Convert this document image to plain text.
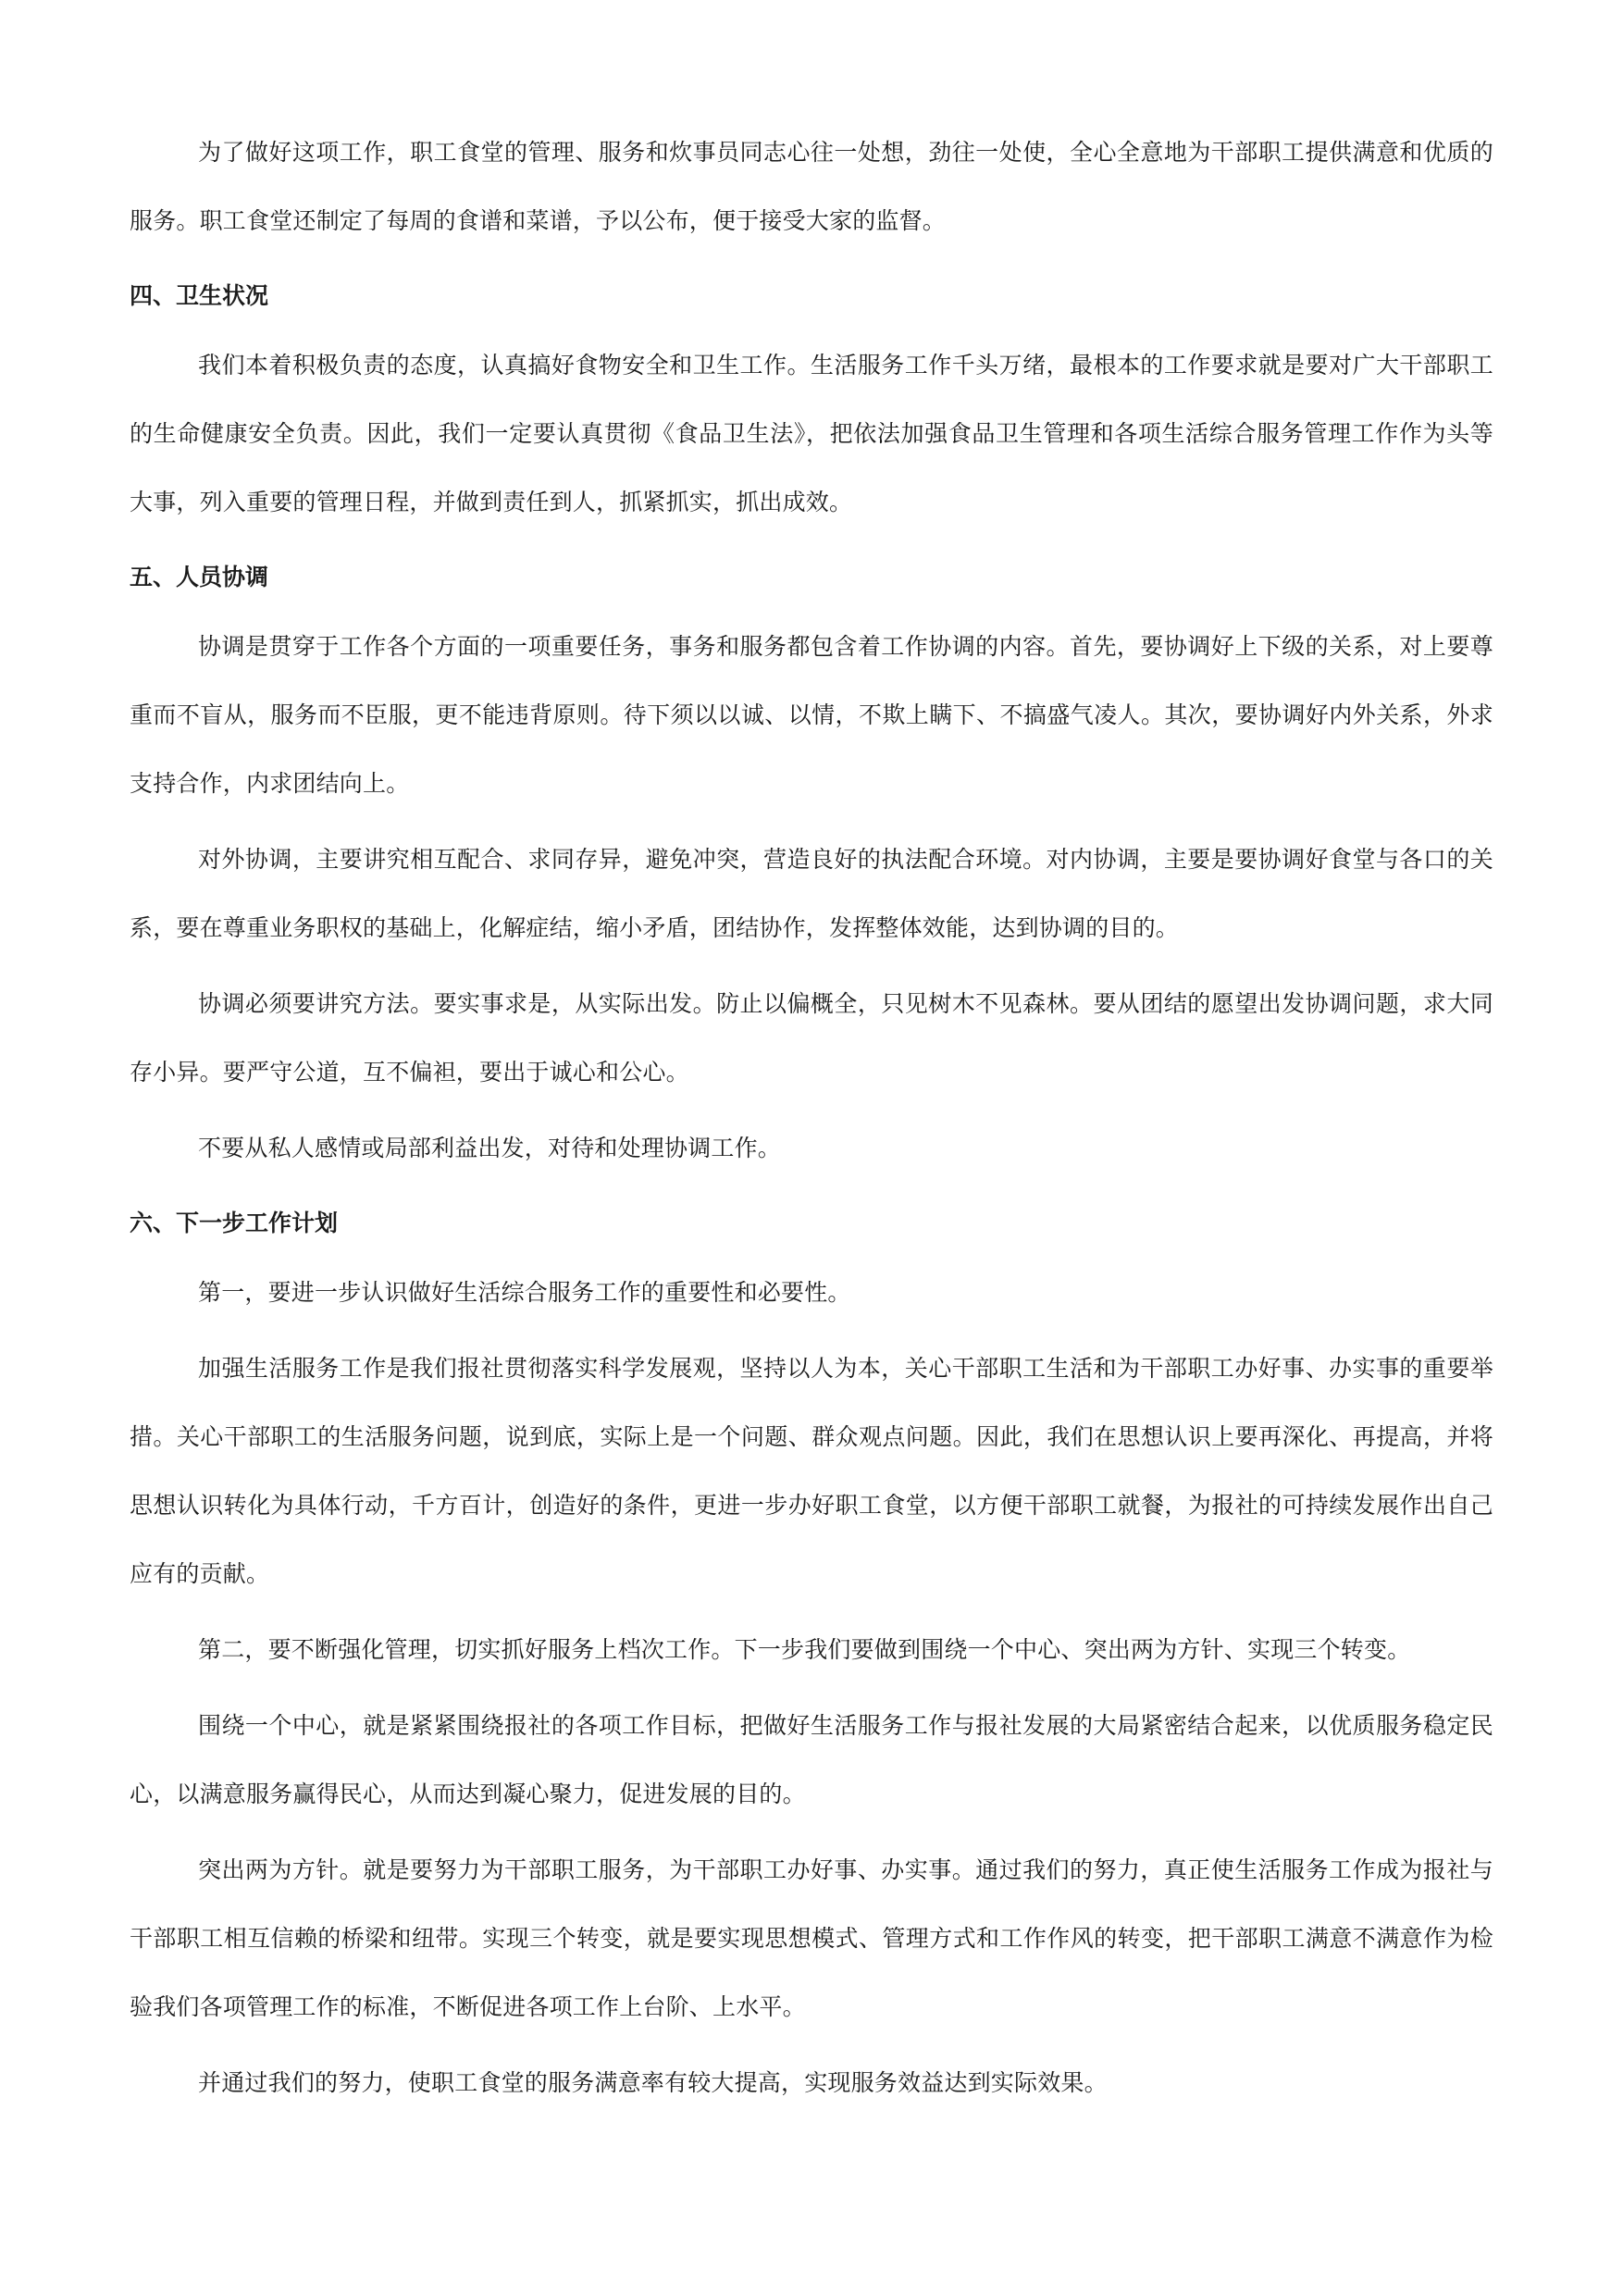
为了做好这项工作，职工食堂的管理、服务和炊事员同志心往一处想，劲往一处使，全心全意地为干部职工提供满意和优质的服务。职工食堂还制定了每周的食谱和菜谱，予以公布，便于接受大家的监督。

四、卫生状况

我们本着积极负责的态度，认真搞好食物安全和卫生工作。生活服务工作千头万绪，最根本的工作要求就是要对广大干部职工的生命健康安全负责。因此，我们一定要认真贯彻《食品卫生法》，把依法加强食品卫生管理和各项生活综合服务管理工作作为头等大事，列入重要的管理日程，并做到责任到人，抓紧抓实，抓出成效。

五、人员协调

协调是贯穿于工作各个方面的一项重要任务，事务和服务都包含着工作协调的内容。首先，要协调好上下级的关系，对上要尊重而不盲从，服务而不臣服，更不能违背原则。待下须以以诚、以情，不欺上瞒下、不搞盛气凌人。其次，要协调好内外关系，外求支持合作，内求团结向上。

对外协调，主要讲究相互配合、求同存异，避免冲突，营造良好的执法配合环境。对内协调，主要是要协调好食堂与各口的关系，要在尊重业务职权的基础上，化解症结，缩小矛盾，团结协作，发挥整体效能，达到协调的目的。

协调必须要讲究方法。要实事求是，从实际出发。防止以偏概全，只见树木不见森林。要从团结的愿望出发协调问题，求大同存小异。要严守公道，互不偏袒，要出于诚心和公心。

不要从私人感情或局部利益出发，对待和处理协调工作。

六、下一步工作计划

第一，要进一步认识做好生活综合服务工作的重要性和必要性。

加强生活服务工作是我们报社贯彻落实科学发展观，坚持以人为本，关心干部职工生活和为干部职工办好事、办实事的重要举措。关心干部职工的生活服务问题，说到底，实际上是一个问题、群众观点问题。因此，我们在思想认识上要再深化、再提高，并将思想认识转化为具体行动，千方百计，创造好的条件，更进一步办好职工食堂，以方便干部职工就餐，为报社的可持续发展作出自己应有的贡献。

第二，要不断强化管理，切实抓好服务上档次工作。下一步我们要做到围绕一个中心、突出两为方针、实现三个转变。

围绕一个中心，就是紧紧围绕报社的各项工作目标，把做好生活服务工作与报社发展的大局紧密结合起来，以优质服务稳定民心，以满意服务赢得民心，从而达到凝心聚力，促进发展的目的。

突出两为方针。就是要努力为干部职工服务，为干部职工办好事、办实事。通过我们的努力，真正使生活服务工作成为报社与干部职工相互信赖的桥梁和纽带。实现三个转变，就是要实现思想模式、管理方式和工作作风的转变，把干部职工满意不满意作为检验我们各项管理工作的标准，不断促进各项工作上台阶、上水平。

并通过我们的努力，使职工食堂的服务满意率有较大提高，实现服务效益达到实际效果。
